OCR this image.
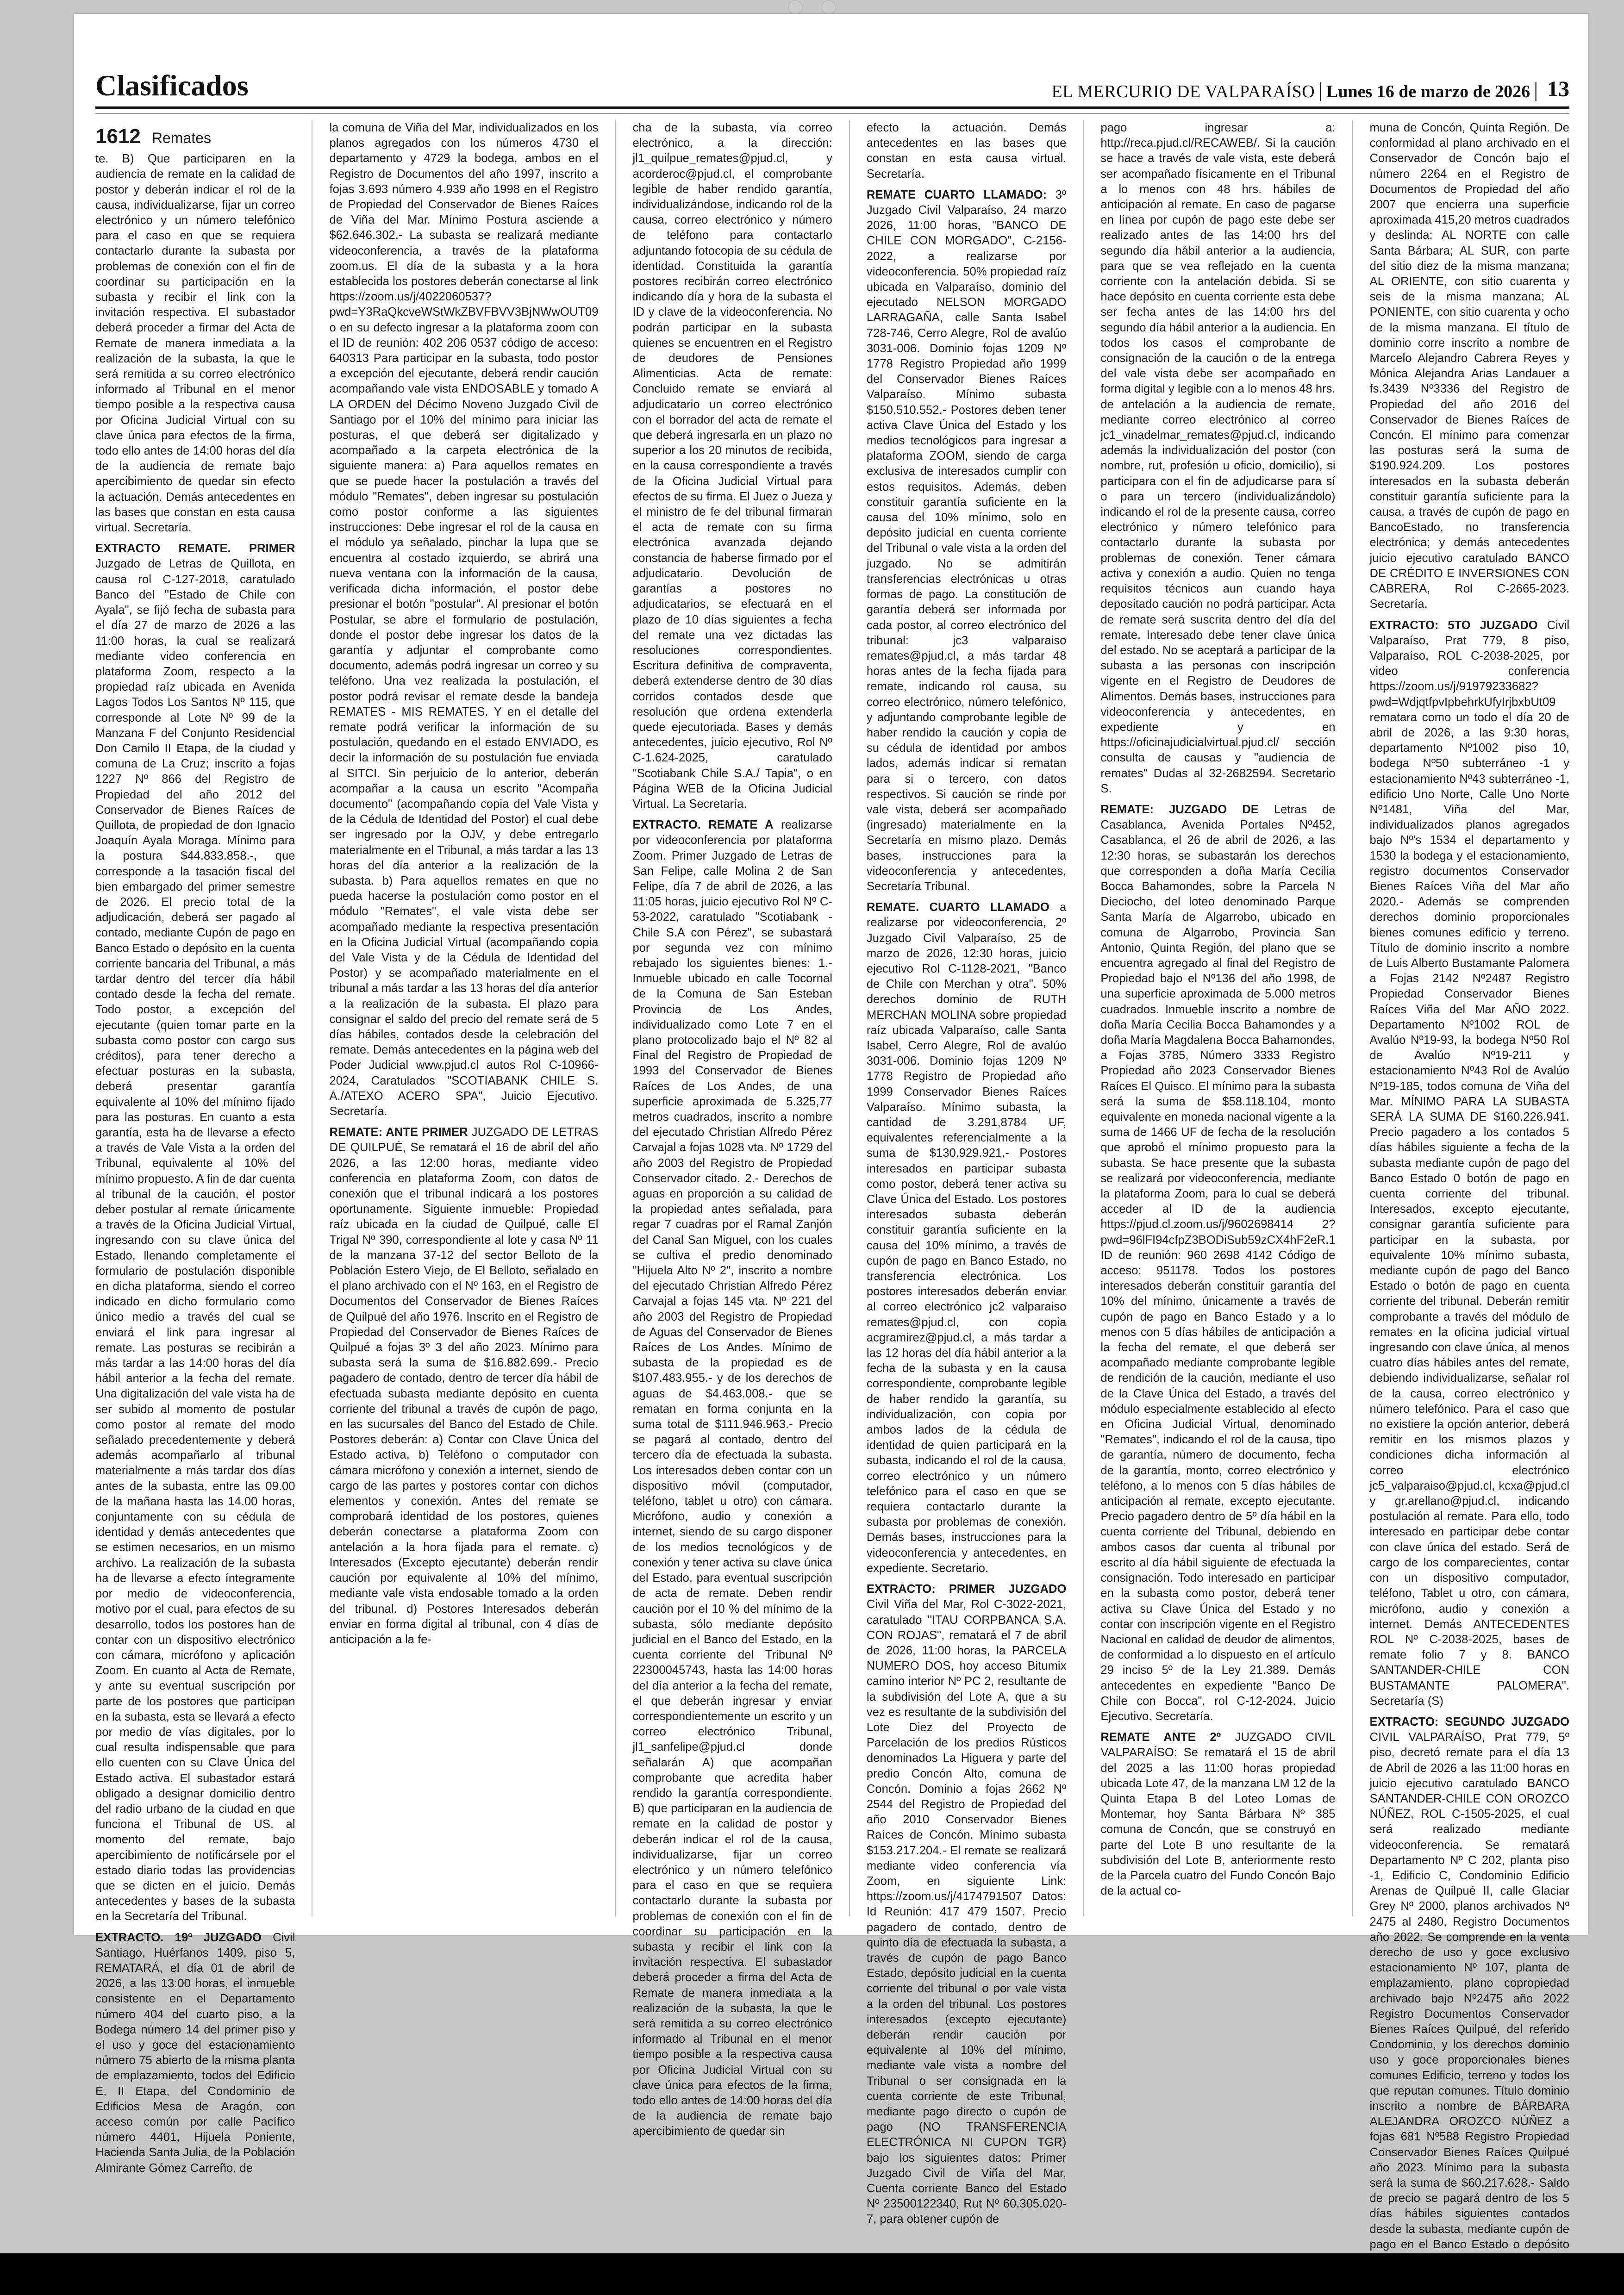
Clasificados	EL MERCURIO DE VALPARAÍSO | Lunes 16 de marzo de 2026 | 13
1612 Remates

te. B) Que participaren en la audiencia de remate en la calidad de postor y deberán indicar el rol de la causa, individualizarse, fijar un correo electrónico y un número telefónico para el caso en que se requiera contactarlo durante la subasta por problemas de conexión con el fin de coordinar su participación en la subasta y recibir el link con la invitación respectiva. El subastador deberá proceder a firmar del Acta de Remate de manera inmediata a la realización de la subasta, la que le será remitida a su correo electrónico informado al Tribunal en el menor tiempo posible a la respectiva causa por Oficina Judicial Virtual con su clave única para efectos de la firma, todo ello antes de 14:00 horas del día de la audiencia de remate bajo apercibimiento de quedar sin efecto la actuación. Demás antecedentes en las bases que constan en esta causa virtual. Secretaría.

EXTRACTO REMATE. PRIMER Juzgado de Letras de Quillota, en causa rol C-127-2018, caratulado Banco del "Estado de Chile con Ayala", se fijó fecha de subasta para el día 27 de marzo de 2026 a las 11:00 horas, la cual se realizará mediante video conferencia en plataforma Zoom, respecto a la propiedad raíz ubicada en Avenida Lagos Todos Los Santos Nº 115, que corresponde al Lote Nº 99 de la Manzana F del Conjunto Residencial Don Camilo II Etapa, de la ciudad y comuna de La Cruz; inscrito a fojas 1227 Nº 866 del Registro de Propiedad del año 2012 del Conservador de Bienes Raíces de Quillota, de propiedad de don Ignacio Joaquín Ayala Moraga. Mínimo para la postura $44.833.858.-, que corresponde a la tasación fiscal del bien embargado del primer semestre de 2026. El precio total de la adjudicación, deberá ser pagado al contado, mediante Cupón de pago en Banco Estado o depósito en la cuenta corriente bancaria del Tribunal, a más tardar dentro del tercer día hábil contado desde la fecha del remate. Todo postor, a excepción del ejecutante (quien tomar parte en la subasta como postor con cargo sus créditos), para tener derecho a efectuar posturas en la subasta, deberá presentar garantía equivalente al 10% del mínimo fijado para las posturas. En cuanto a esta garantía, esta ha de llevarse a efecto a través de Vale Vista a la orden del Tribunal, equivalente al 10% del mínimo propuesto. A fin de dar cuenta al tribunal de la caución, el postor deber postular al remate únicamente a través de la Oficina Judicial Virtual, ingresando con su clave única del Estado, llenando completamente el formulario de postulación disponible en dicha plataforma, siendo el correo indicado en dicho formulario como único medio a través del cual se enviará el link para ingresar al remate. Las posturas se recibirán a más tardar a las 14:00 horas del día hábil anterior a la fecha del remate. Una digitalización del vale vista ha de ser subido al momento de postular como postor al remate del modo señalado precedentemente y deberá además acompañarlo al tribunal materialmente a más tardar dos días antes de la subasta, entre las 09.00 de la mañana hasta las 14.00 horas, conjuntamente con su cédula de identidad y demás antecedentes que se estimen necesarios, en un mismo archivo. La realización de la subasta ha de llevarse a efecto íntegramente por medio de videoconferencia, motivo por el cual, para efectos de su desarrollo, todos los postores han de contar con un dispositivo electrónico con cámara, micrófono y aplicación Zoom. En cuanto al Acta de Remate, y ante su eventual suscripción por parte de los postores que participan en la subasta, esta se llevará a efecto por medio de vías digitales, por lo cual resulta indispensable que para ello cuenten con su Clave Única del Estado activa. El subastador estará obligado a designar domicilio dentro del radio urbano de la ciudad en que funciona el Tribunal de US. al momento del remate, bajo apercibimiento de notificársele por el estado diario todas las providencias que se dicten en el juicio. Demás antecedentes y bases de la subasta en la Secretaría del Tribunal.

EXTRACTO. 19º JUZGADO Civil Santiago, Huérfanos 1409, piso 5, REMATARÁ, el día 01 de abril de 2026, a las 13:00 horas, el inmueble consistente en el Departamento número 404 del cuarto piso, a la Bodega número 14 del primer piso y el uso y goce del estacionamiento número 75 abierto de la misma planta de emplazamiento, todos del Edificio E, II Etapa, del Condominio de Edificios Mesa de Aragón, con acceso común por calle Pacífico número 4401, Hijuela Poniente, Hacienda Santa Julia, de la Población Almirante Gómez Carreño, de

la comuna de Viña del Mar, individualizados en los planos agregados con los números 4730 el departamento y 4729 la bodega, ambos en el Registro de Documentos del año 1997, inscrito a fojas 3.693 número 4.939 año 1998 en el Registro de Propiedad del Conservador de Bienes Raíces de Viña del Mar. Mínimo Postura asciende a $62.646.302.- La subasta se realizará mediante videoconferencia, a través de la plataforma zoom.us. El día de la subasta y a la hora establecida los postores deberán conectarse al link https://zoom.us/j/4022060537?pwd=Y3RaQkcveWStWkZBVFBVV3BjNWwOUT09 o en su defecto ingresar a la plataforma zoom con el ID de reunión: 402 206 0537 código de acceso: 640313 Para participar en la subasta, todo postor a excepción del ejecutante, deberá rendir caución acompañando vale vista ENDOSABLE y tomado A LA ORDEN del Décimo Noveno Juzgado Civil de Santiago por el 10% del mínimo para iniciar las posturas, el que deberá ser digitalizado y acompañado a la carpeta electrónica de la siguiente manera: a) Para aquellos remates en que se puede hacer la postulación a través del módulo "Remates", deben ingresar su postulación como postor conforme a las siguientes instrucciones: Debe ingresar el rol de la causa en el módulo ya señalado, pinchar la lupa que se encuentra al costado izquierdo, se abrirá una nueva ventana con la información de la causa, verificada dicha información, el postor debe presionar el botón "postular". Al presionar el botón Postular, se abre el formulario de postulación, donde el postor debe ingresar los datos de la garantía y adjuntar el comprobante como documento, además podrá ingresar un correo y su teléfono. Una vez realizada la postulación, el postor podrá revisar el remate desde la bandeja REMATES - MIS REMATES. Y en el detalle del remate podrá verificar la información de su postulación, quedando en el estado ENVIADO, es decir la información de su postulación fue enviada al SITCI. Sin perjuicio de lo anterior, deberán acompañar a la causa un escrito "Acompaña documento" (acompañando copia del Vale Vista y de la Cédula de Identidad del Postor) el cual debe ser ingresado por la OJV, y debe entregarlo materialmente en el Tribunal, a más tardar a las 13 horas del día anterior a la realización de la subasta. b) Para aquellos remates en que no pueda hacerse la postulación como postor en el módulo "Remates", el vale vista debe ser acompañado mediante la respectiva presentación en la Oficina Judicial Virtual (acompañando copia del Vale Vista y de la Cédula de Identidad del Postor) y se acompañado materialmente en el tribunal a más tardar a las 13 horas del día anterior a la realización de la subasta. El plazo para consignar el saldo del precio del remate será de 5 días hábiles, contados desde la celebración del remate. Demás antecedentes en la página web del Poder Judicial www.pjud.cl autos Rol C-10966-2024, Caratulados "SCOTIABANK CHILE S. A./ATEXO ACERO SPA", Juicio Ejecutivo. Secretaría.

REMATE: ANTE PRIMER JUZGADO DE LETRAS DE QUILPUÉ, Se rematará el 16 de abril del año 2026, a las 12:00 horas, mediante video conferencia en plataforma Zoom, con datos de conexión que el tribunal indicará a los postores oportunamente. Siguiente inmueble: Propiedad raíz ubicada en la ciudad de Quilpué, calle El Trigal Nº 390, correspondiente al lote y casa Nº 11 de la manzana 37-12 del sector Belloto de la Población Estero Viejo, de El Belloto, señalado en el plano archivado con el Nº 163, en el Registro de Documentos del Conservador de Bienes Raíces de Quilpué del año 1976. Inscrito en el Registro de Propiedad del Conservador de Bienes Raíces de Quilpué a fojas 3º 3 del año 2023. Mínimo para subasta será la suma de $16.882.699.- Precio pagadero de contado, dentro de tercer día hábil de efectuada subasta mediante depósito en cuenta corriente del tribunal a través de cupón de pago, en las sucursales del Banco del Estado de Chile. Postores deberán: a) Contar con Clave Única del Estado activa, b) Teléfono o computador con cámara micrófono y conexión a internet, siendo de cargo de las partes y postores contar con dichos elementos y conexión. Antes del remate se comprobará identidad de los postores, quienes deberán conectarse a plataforma Zoom con antelación a la hora fijada para el remate. c) Interesados (Excepto ejecutante) deberán rendir caución por equivalente al 10% del mínimo, mediante vale vista endosable tomado a la orden del tribunal. d) Postores Interesados deberán enviar en forma digital al tribunal, con 4 días de anticipación a la fe-

cha de la subasta, vía correo electrónico, a la dirección: jl1_quilpue_remates@pjud.cl, y acorderoc@pjud.cl, el comprobante legible de haber rendido garantía, individualizándose, indicando rol de la causa, correo electrónico y número de teléfono para contactarlo adjuntando fotocopia de su cédula de identidad. Constituida la garantía postores recibirán correo electrónico indicando día y hora de la subasta el ID y clave de la videoconferencia. No podrán participar en la subasta quienes se encuentren en el Registro de deudores de Pensiones Alimenticias. Acta de remate: Concluido remate se enviará al adjudicatario un correo electrónico con el borrador del acta de remate el que deberá ingresarla en un plazo no superior a los 20 minutos de recibida, en la causa correspondiente a través de la Oficina Judicial Virtual para efectos de su firma. El Juez o Jueza y el ministro de fe del tribunal firmaran el acta de remate con su firma electrónica avanzada dejando constancia de haberse firmado por el adjudicatario. Devolución de garantías a postores no adjudicatarios, se efectuará en el plazo de 10 días siguientes a fecha del remate una vez dictadas las resoluciones correspondientes. Escritura definitiva de compraventa, deberá extenderse dentro de 30 días corridos contados desde que resolución que ordena extenderla quede ejecutoriada. Bases y demás antecedentes, juicio ejecutivo, Rol Nº C-1.624-2025, caratulado "Scotiabank Chile S.A./ Tapia", o en Página WEB de la Oficina Judicial Virtual. La Secretaría.

EXTRACTO. REMATE A realizarse por videoconferencia por plataforma Zoom. Primer Juzgado de Letras de San Felipe, calle Molina 2 de San Felipe, día 7 de abril de 2026, a las 11:05 horas, juicio ejecutivo Rol Nº C-53-2022, caratulado "Scotiabank - Chile S.A con Pérez", se subastará por segunda vez con mínimo rebajado los siguientes bienes: 1.- Inmueble ubicado en calle Tocornal de la Comuna de San Esteban Provincia de Los Andes, individualizado como Lote 7 en el plano protocolizado bajo el Nº 82 al Final del Registro de Propiedad de 1993 del Conservador de Bienes Raíces de Los Andes, de una superficie aproximada de 5.325,77 metros cuadrados, inscrito a nombre del ejecutado Christian Alfredo Pérez Carvajal a fojas 1028 vta. Nº 1729 del año 2003 del Registro de Propiedad Conservador citado. 2.- Derechos de aguas en proporción a su calidad de la propiedad antes señalada, para regar 7 cuadras por el Ramal Zanjón del Canal San Miguel, con los cuales se cultiva el predio denominado "Hijuela Alto Nº 2", inscrito a nombre del ejecutado Christian Alfredo Pérez Carvajal a fojas 145 vta. Nº 221 del año 2003 del Registro de Propiedad de Aguas del Conservador de Bienes Raíces de Los Andes. Mínimo de subasta de la propiedad es de $107.483.955.- y de los derechos de aguas de $4.463.008.- que se rematan en forma conjunta en la suma total de $111.946.963.- Precio se pagará al contado, dentro del tercero día de efectuada la subasta. Los interesados deben contar con un dispositivo móvil (computador, teléfono, tablet u otro) con cámara. Micrófono, audio y conexión a internet, siendo de su cargo disponer de los medios tecnológicos y de conexión y tener activa su clave única del Estado, para eventual suscripción de acta de remate. Deben rendir caución por el 10 % del mínimo de la subasta, sólo mediante depósito judicial en el Banco del Estado, en la cuenta corriente del Tribunal Nº 22300045743, hasta las 14:00 horas del día anterior a la fecha del remate, el que deberán ingresar y enviar correspondientemente un escrito y un correo electrónico Tribunal, jl1_sanfelipe@pjud.cl donde señalarán A) que acompañan comprobante que acredita haber rendido la garantía correspondiente. B) que participaran en la audiencia de remate en la calidad de postor y deberán indicar el rol de la causa, individualizarse, fijar un correo electrónico y un número telefónico para el caso en que se requiera contactarlo durante la subasta por problemas de conexión con el fin de coordinar su participación en la subasta y recibir el link con la invitación respectiva. El subastador deberá proceder a firma del Acta de Remate de manera inmediata a la realización de la subasta, la que le será remitida a su correo electrónico informado al Tribunal en el menor tiempo posible a la respectiva causa por Oficina Judicial Virtual con su clave única para efectos de la firma, todo ello antes de 14:00 horas del día de la audiencia de remate bajo apercibimiento de quedar sin

efecto la actuación. Demás antecedentes en las bases que constan en esta causa virtual. Secretaría.

REMATE CUARTO LLAMADO: 3º Juzgado Civil Valparaíso, 24 marzo 2026, 11:00 horas, "BANCO DE CHILE CON MORGADO", C-2156-2022, a realizarse por videoconferencia. 50% propiedad raíz ubicada en Valparaíso, dominio del ejecutado NELSON MORGADO LARRAGAÑA, calle Santa Isabel 728-746, Cerro Alegre, Rol de avalúo 3031-006. Dominio fojas 1209 Nº 1778 Registro Propiedad año 1999 del Conservador Bienes Raíces Valparaíso. Mínimo subasta $150.510.552.- Postores deben tener activa Clave Única del Estado y los medios tecnológicos para ingresar a plataforma ZOOM, siendo de carga exclusiva de interesados cumplir con estos requisitos. Además, deben constituir garantía suficiente en la causa del 10% mínimo, solo en depósito judicial en cuenta corriente del Tribunal o vale vista a la orden del juzgado. No se admitirán transferencias electrónicas u otras formas de pago. La constitución de garantía deberá ser informada por cada postor, al correo electrónico del tribunal: jc3 valparaiso remates@pjud.cl, a más tardar 48 horas antes de la fecha fijada para remate, indicando rol causa, su correo electrónico, número telefónico, y adjuntando comprobante legible de haber rendido la caución y copia de su cédula de identidad por ambos lados, además indicar si rematan para si o tercero, con datos respectivos. Si caución se rinde por vale vista, deberá ser acompañado (ingresado) materialmente en la Secretaría en mismo plazo. Demás bases, instrucciones para la videoconferencia y antecedentes, Secretaría Tribunal.

REMATE. CUARTO LLAMADO a realizarse por videoconferencia, 2º Juzgado Civil Valparaíso, 25 de marzo de 2026, 12:30 horas, juicio ejecutivo Rol C-1128-2021, "Banco de Chile con Merchan y otra". 50% derechos dominio de RUTH MERCHAN MOLINA sobre propiedad raíz ubicada Valparaíso, calle Santa Isabel, Cerro Alegre, Rol de avalúo 3031-006. Dominio fojas 1209 Nº 1778 Registro de Propiedad año 1999 Conservador Bienes Raíces Valparaíso. Mínimo subasta, la cantidad de 3.291,8784 UF, equivalentes referencialmente a la suma de $130.929.921.- Postores interesados en participar subasta como postor, deberá tener activa su Clave Única del Estado. Los postores interesados subasta deberán constituir garantía suficiente en la causa del 10% mínimo, a través de cupón de pago en Banco Estado, no transferencia electrónica. Los postores interesados deberán enviar al correo electrónico jc2 valparaiso remates@pjud.cl, con copia acgramirez@pjud.cl, a más tardar a las 12 horas del día hábil anterior a la fecha de la subasta y en la causa correspondiente, comprobante legible de haber rendido la garantía, su individualización, con copia por ambos lados de la cédula de identidad de quien participará en la subasta, indicando el rol de la causa, correo electrónico y un número telefónico para el caso en que se requiera contactarlo durante la subasta por problemas de conexión. Demás bases, instrucciones para la videoconferencia y antecedentes, en expediente. Secretario.

EXTRACTO: PRIMER JUZGADO Civil Viña del Mar, Rol C-3022-2021, caratulado "ITAU CORPBANCA S.A. CON ROJAS", rematará el 7 de abril de 2026, 11:00 horas, la PARCELA NUMERO DOS, hoy acceso Bitumix camino interior Nº PC 2, resultante de la subdivisión del Lote A, que a su vez es resultante de la subdivisión del Lote Diez del Proyecto de Parcelación de los predios Rústicos denominados La Higuera y parte del predio Concón Alto, comuna de Concón. Dominio a fojas 2662 Nº 2544 del Registro de Propiedad del año 2010 Conservador Bienes Raíces de Concón. Mínimo subasta $153.217.204.- El remate se realizará mediante video conferencia vía Zoom, en siguiente Link: https://zoom.us/j/4174791507 Datos: Id Reunión: 417 479 1507. Precio pagadero de contado, dentro de quinto día de efectuada la subasta, a través de cupón de pago Banco Estado, depósito judicial en la cuenta corriente del tribunal o por vale vista a la orden del tribunal. Los postores interesados (excepto ejecutante) deberán rendir caución por equivalente al 10% del mínimo, mediante vale vista a nombre del Tribunal o ser consignada en la cuenta corriente de este Tribunal, mediante pago directo o cupón de pago (NO TRANSFERENCIA ELECTRÓNICA NI CUPON TGR) bajo los siguientes datos: Primer Juzgado Civil de Viña del Mar, Cuenta corriente Banco del Estado Nº 23500122340, Rut Nº 60.305.020-7, para obtener cupón de

pago ingresar a: http://reca.pjud.cl/RECAWEB/. Si la caución se hace a través de vale vista, este deberá ser acompañado físicamente en el Tribunal a lo menos con 48 hrs. hábiles de anticipación al remate. En caso de pagarse en línea por cupón de pago este debe ser realizado antes de las 14:00 hrs del segundo día hábil anterior a la audiencia, para que se vea reflejado en la cuenta corriente con la antelación debida. Si se hace depósito en cuenta corriente esta debe ser fecha antes de las 14:00 hrs del segundo día hábil anterior a la audiencia. En todos los casos el comprobante de consignación de la caución o de la entrega del vale vista debe ser acompañado en forma digital y legible con a lo menos 48 hrs. de antelación a la audiencia de remate, mediante correo electrónico al correo jc1_vinadelmar_remates@pjud.cl, indicando además la individualización del postor (con nombre, rut, profesión u oficio, domicilio), si participara con el fin de adjudicarse para sí o para un tercero (individualizándolo) indicando el rol de la presente causa, correo electrónico y número telefónico para contactarlo durante la subasta por problemas de conexión. Tener cámara activa y conexión a audio. Quien no tenga requisitos técnicos aun cuando haya depositado caución no podrá participar. Acta de remate será suscrita dentro del día del remate. Interesado debe tener clave única del estado. No se aceptará a participar de la subasta a las personas con inscripción vigente en el Registro de Deudores de Alimentos. Demás bases, instrucciones para videoconferencia y antecedentes, en expediente y en https://oficinajudicialvirtual.pjud.cl/ sección consulta de causas y "audiencia de remates" Dudas al 32-2682594. Secretario S.

REMATE: JUZGADO DE Letras de Casablanca, Avenida Portales Nº452, Casablanca, el 26 de abril de 2026, a las 12:30 horas, se subastarán los derechos que corresponden a doña María Cecilia Bocca Bahamondes, sobre la Parcela N Dieciocho, del loteo denominado Parque Santa María de Algarrobo, ubicado en comuna de Algarrobo, Provincia San Antonio, Quinta Región, del plano que se encuentra agregado al final del Registro de Propiedad bajo el Nº136 del año 1998, de una superficie aproximada de 5.000 metros cuadrados. Inmueble inscrito a nombre de doña María Cecilia Bocca Bahamondes y a doña María Magdalena Bocca Bahamondes, a Fojas 3785, Número 3333 Registro Propiedad año 2023 Conservador Bienes Raíces El Quisco. El mínimo para la subasta será la suma de $58.118.104, monto equivalente en moneda nacional vigente a la suma de 1466 UF de fecha de la resolución que aprobó el mínimo propuesto para la subasta. Se hace presente que la subasta se realizará por videoconferencia, mediante la plataforma Zoom, para lo cual se deberá acceder al ID de la audiencia https://pjud.cl.zoom.us/j/9602698414 2? pwd=96lFI94cfpZ3BODiSub59zCX4hF2eR.1 ID de reunión: 960 2698 4142 Código de acceso: 951178. Todos los postores interesados deberán constituir garantía del 10% del mínimo, únicamente a través de cupón de pago en Banco Estado y a lo menos con 5 días hábiles de anticipación a la fecha del remate, el que deberá ser acompañado mediante comprobante legible de rendición de la caución, mediante el uso de la Clave Única del Estado, a través del módulo especialmente establecido al efecto en Oficina Judicial Virtual, denominado "Remates", indicando el rol de la causa, tipo de garantía, número de documento, fecha de la garantía, monto, correo electrónico y teléfono, a lo menos con 5 días hábiles de anticipación al remate, excepto ejecutante. Precio pagadero dentro de 5º día hábil en la cuenta corriente del Tribunal, debiendo en ambos casos dar cuenta al tribunal por escrito al día hábil siguiente de efectuada la consignación. Todo interesado en participar en la subasta como postor, deberá tener activa su Clave Única del Estado y no contar con inscripción vigente en el Registro Nacional en calidad de deudor de alimentos, de conformidad a lo dispuesto en el artículo 29 inciso 5º de la Ley 21.389. Demás antecedentes en expediente "Banco De Chile con Bocca", rol C-12-2024. Juicio Ejecutivo. Secretaría.

REMATE ANTE 2º JUZGADO CIVIL VALPARAÍSO: Se rematará el 15 de abril del 2025 a las 11:00 horas propiedad ubicada Lote 47, de la manzana LM 12 de la Quinta Etapa B del Loteo Lomas de Montemar, hoy Santa Bárbara Nº 385 comuna de Concón, que se construyó en parte del Lote B uno resultante de la subdivisión del Lote B, anteriormente resto de la Parcela cuatro del Fundo Concón Bajo de la actual co-

muna de Concón, Quinta Región. De conformidad al plano archivado en el Conservador de Concón bajo el número 2264 en el Registro de Documentos de Propiedad del año 2007 que encierra una superficie aproximada 415,20 metros cuadrados y deslinda: AL NORTE con calle Santa Bárbara; AL SUR, con parte del sitio diez de la misma manzana; AL ORIENTE, con sitio cuarenta y seis de la misma manzana; AL PONIENTE, con sitio cuarenta y ocho de la misma manzana. El título de dominio corre inscrito a nombre de Marcelo Alejandro Cabrera Reyes y Mónica Alejandra Arias Landauer a fs.3439 Nº3336 del Registro de Propiedad del año 2016 del Conservador de Bienes Raíces de Concón. El mínimo para comenzar las posturas será la suma de $190.924.209. Los postores interesados en la subasta deberán constituir garantía suficiente para la causa, a través de cupón de pago en BancoEstado, no transferencia electrónica; y demás antecedentes juicio ejecutivo caratulado BANCO DE CRÉDITO E INVERSIONES CON CABRERA, Rol C-2665-2023. Secretaría.

EXTRACTO: 5TO JUZGADO Civil Valparaíso, Prat 779, 8 piso, Valparaíso, ROL C-2038-2025, por video conferencia https://zoom.us/j/91979233682?pwd=WdjqtfpvIpbehrkUfyIrjbxbUt09 rematara como un todo el día 20 de abril de 2026, a las 9:30 horas, departamento Nº1002 piso 10, bodega Nº50 subterráneo -1 y estacionamiento Nº43 subterráneo -1, edificio Uno Norte, Calle Uno Norte Nº1481, Viña del Mar, individualizados planos agregados bajo Nº's 1534 el departamento y 1530 la bodega y el estacionamiento, registro documentos Conservador Bienes Raíces Viña del Mar año 2020.- Además se comprenden derechos dominio proporcionales bienes comunes edificio y terreno. Título de dominio inscrito a nombre de Luis Alberto Bustamante Palomera a Fojas 2142 Nº2487 Registro Propiedad Conservador Bienes Raíces Viña del Mar AÑO 2022. Departamento Nº1002 ROL de Avalúo Nº19-93, la bodega Nº50 Rol de Avalúo Nº19-211 y estacionamiento Nº43 Rol de Avalúo Nº19-185, todos comuna de Viña del Mar. MÍNIMO PARA LA SUBASTA SERÁ LA SUMA DE $160.226.941. Precio pagadero a los contados 5 días hábiles siguiente a fecha de la subasta mediante cupón de pago del Banco Estado 0 botón de pago en cuenta corriente del tribunal. Interesados, excepto ejecutante, consignar garantía suficiente para participar en la subasta, por equivalente 10% mínimo subasta, mediante cupón de pago del Banco Estado o botón de pago en cuenta corriente del tribunal. Deberán remitir comprobante a través del módulo de remates en la oficina judicial virtual ingresando con clave única, al menos cuatro días hábiles antes del remate, debiendo individualizarse, señalar rol de la causa, correo electrónico y número telefónico. Para el caso que no existiere la opción anterior, deberá remitir en los mismos plazos y condiciones dicha información al correo electrónico jc5_valparaiso@pjud.cl, kcxa@pjud.cl y gr.arellano@pjud.cl, indicando postulación al remate. Para ello, todo interesado en participar debe contar con clave única del estado. Será de cargo de los comparecientes, contar con un dispositivo computador, teléfono, Tablet u otro, con cámara, micrófono, audio y conexión a internet. Demás ANTECEDENTES ROL Nº C-2038-2025, bases de remate folio 7 y 8. BANCO SANTANDER-CHILE CON BUSTAMANTE PALOMERA". Secretaría (S)

EXTRACTO: SEGUNDO JUZGADO CIVIL VALPARAÍSO, Prat 779, 5º piso, decretó remate para el día 13 de Abril de 2026 a las 11:00 horas en juicio ejecutivo caratulado BANCO SANTANDER-CHILE CON OROZCO NÚÑEZ, ROL C-1505-2025, el cual será realizado mediante videoconferencia. Se rematará Departamento Nº C 202, planta piso -1, Edificio C, Condominio Edificio Arenas de Quilpué II, calle Glaciar Grey Nº 2000, planos archivados Nº 2475 al 2480, Registro Documentos año 2022. Se comprende en la venta derecho de uso y goce exclusivo estacionamiento Nº 107, planta de emplazamiento, plano copropiedad archivado bajo Nº2475 año 2022 Registro Documentos Conservador Bienes Raíces Quilpué, del referido Condominio, y los derechos dominio uso y goce proporcionales bienes comunes Edificio, terreno y todos los que reputan comunes. Título dominio inscrito a nombre de BÁRBARA ALEJANDRA OROZCO NÚÑEZ a fojas 681 Nº588 Registro Propiedad Conservador Bienes Raíces Quilpué año 2023. Mínimo para la subasta será la suma de $60.217.628.- Saldo de precio se pagará dentro de los 5 días hábiles siguientes contados desde la subasta, mediante cupón de pago en el Banco Estado o depósito
